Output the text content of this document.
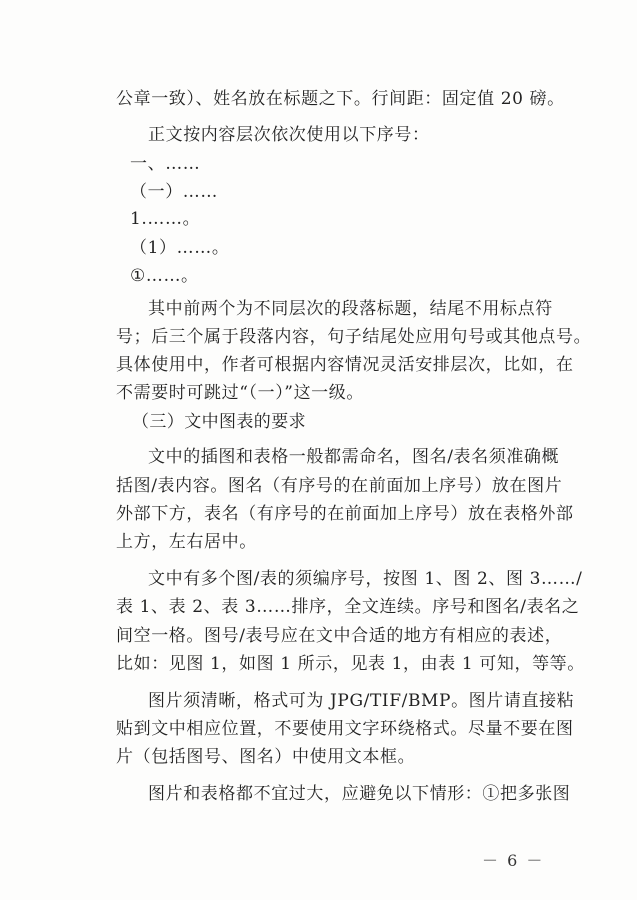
公章一致）、姓名放在标题之下。行间距：固定值 20 磅。
正文按内容层次依次使用以下序号：
一、……
（一）……
1.……。
（1）……。
①……。
其中前两个为不同层次的段落标题，结尾不用标点符
号；后三个属于段落内容，句子结尾处应用句号或其他点号。
具体使用中，作者可根据内容情况灵活安排层次，比如，在
不需要时可跳过“（一）”这一级。
（三）文中图表的要求
文中的插图和表格一般都需命名，图名/表名须准确概
括图/表内容。图名（有序号的在前面加上序号）放在图片
外部下方，表名（有序号的在前面加上序号）放在表格外部
上方，左右居中。
文中有多个图/表的须编序号，按图 1、图 2、图 3……/
表 1、表 2、表 3……排序，全文连续。序号和图名/表名之
间空一格。图号/表号应在文中合适的地方有相应的表述，
比如：见图 1，如图 1 所示，见表 1，由表 1 可知，等等。
图片须清晰，格式可为 JPG/TIF/BMP。图片请直接粘
贴到文中相应位置，不要使用文字环绕格式。尽量不要在图
片（包括图号、图名）中使用文本框。
图片和表格都不宜过大，应避免以下情形：①把多张图
－ 6 －
